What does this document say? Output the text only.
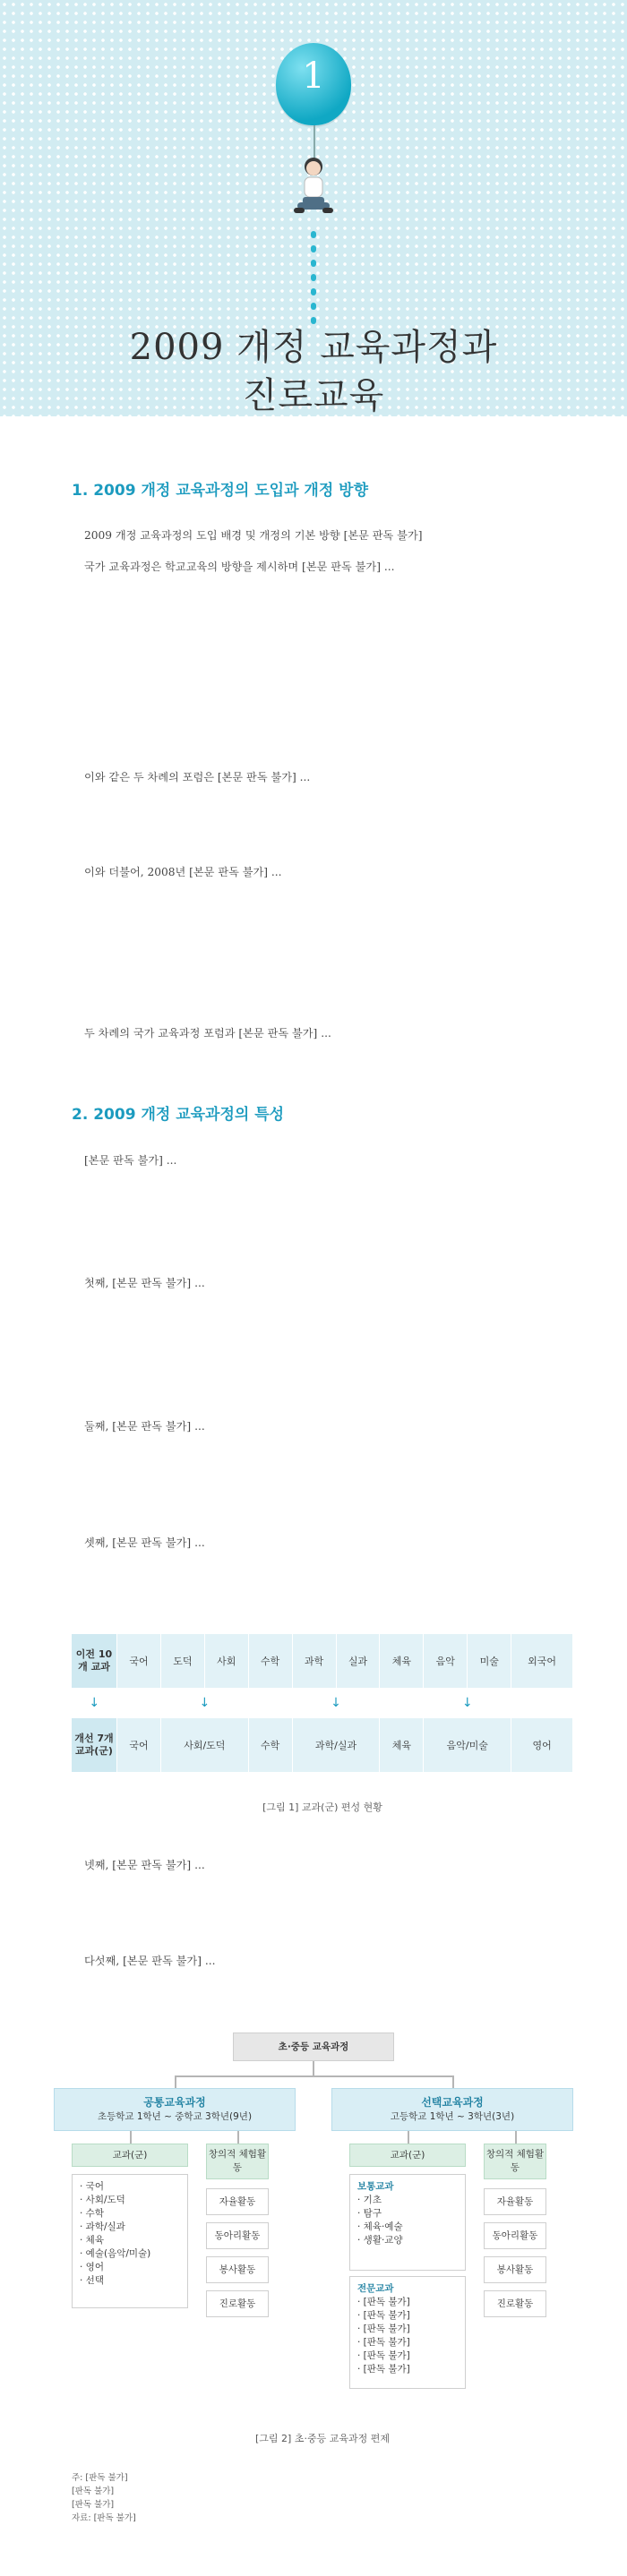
1
2009 개정 교육과정과
진로교육
1. 2009 개정 교육과정의 도입과 개정 방향

2009 개정 교육과정의 도입 배경 및 개정의 기본 방향 [본문 판독 불가]

국가 교육과정은 학교교육의 방향을 제시하며 [본문 판독 불가] ...

이와 같은 두 차례의 포럼은 [본문 판독 불가] ...

이와 더불어, 2008년 [본문 판독 불가] ...

두 차례의 국가 교육과정 포럼과 [본문 판독 불가] ...

2. 2009 개정 교육과정의 특성

[본문 판독 불가] ...

첫째, [본문 판독 불가] ...

둘째, [본문 판독 불가] ...

셋째, [본문 판독 불가] ...

이전 10개 교과	국어	도덕	사회	수학	과학	실과	체육	음악	미술	외국어
↓		↓			↓			↓		
개선 7개 교과(군)	국어	사회/도덕		수학	과학/실과		체육	음악/미술		영어
[그림 1] 교과(군) 편성 현황

넷째, [본문 판독 불가] ...

다섯째, [본문 판독 불가] ...

초·중등 교육과정
공통교육과정
초등학교 1학년 ~ 중학교 3학년(9년)
선택교육과정
고등학교 1학년 ~ 3학년(3년)
교과(군)	창의적 체험활동
교과(군)	창의적 체험활동
· 국어
· 사회/도덕
· 수학
· 과학/실과
· 체육
· 예술(음악/미술)
· 영어
· 선택
자율활동
동아리활동
봉사활동
진로활동
보통교과
· 기초
· 탐구
· 체육·예술
· 생활·교양
전문교과
· [판독 불가]
· [판독 불가]
· [판독 불가]
· [판독 불가]
· [판독 불가]
· [판독 불가]
자율활동
동아리활동
봉사활동
진로활동
[그림 2] 초·중등 교육과정 편제
주: [판독 불가]
[판독 불가]
[판독 불가]
자료: [판독 불가]
